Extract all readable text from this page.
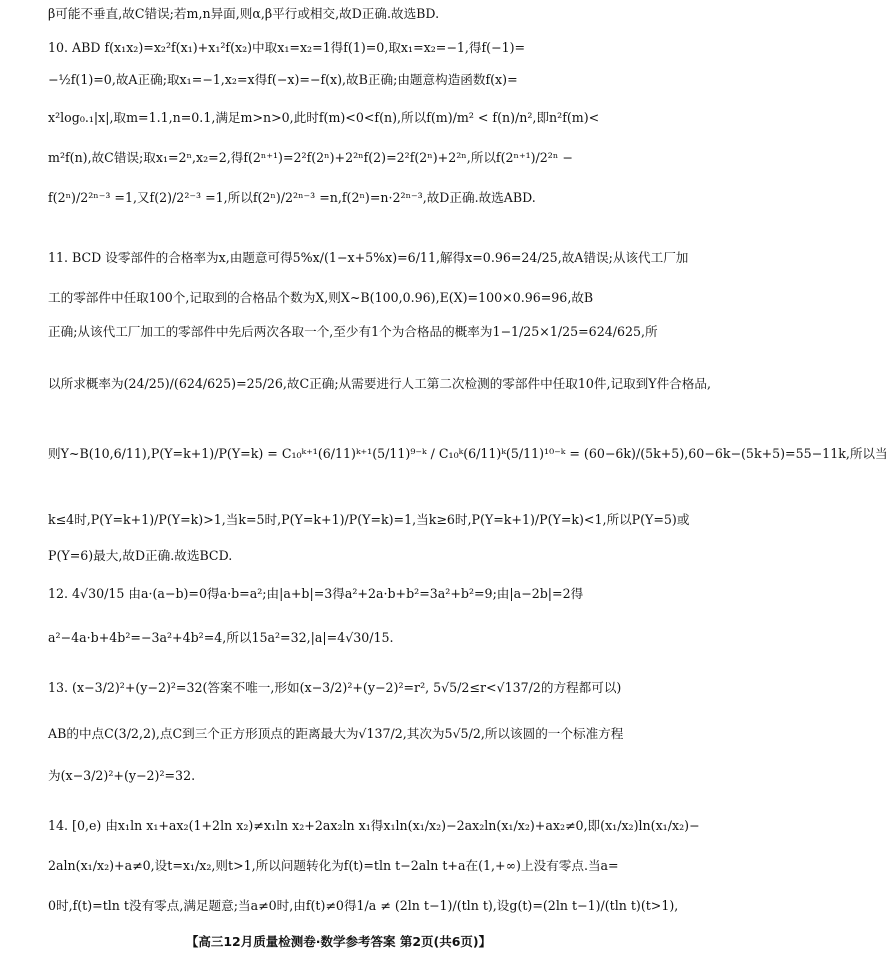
β可能不垂直,故C错误;若m,n异面,则α,β平行或相交,故D正确.故选BD.
10. ABD f(x₁x₂)=x₂²f(x₁)+x₁²f(x₂)中取x₁=x₂=1得f(1)=0,取x₁=x₂=−1,得f(−1)=
−½f(1)=0,故A正确;取x₁=−1,x₂=x得f(−x)=−f(x),故B正确;由题意构造函数f(x)=
x²log₀.₁|x|,取m=1.1,n=0.1,满足m>n>0,此时f(m)<0<f(n),所以f(m)/m² < f(n)/n²,即n²f(m)<
m²f(n),故C错误;取x₁=2ⁿ,x₂=2,得f(2ⁿ⁺¹)=2²f(2ⁿ)+2²ⁿf(2)=2²f(2ⁿ)+2²ⁿ,所以f(2ⁿ⁺¹)/2²ⁿ −
f(2ⁿ)/2²ⁿ⁻³ =1,又f(2)/2²⁻³ =1,所以f(2ⁿ)/2²ⁿ⁻³ =n,f(2ⁿ)=n·2²ⁿ⁻³,故D正确.故选ABD.
11. BCD 设零部件的合格率为x,由题意可得5%x/(1−x+5%x)=6/11,解得x=0.96=24/25,故A错误;从该代工厂加
工的零部件中任取100个,记取到的合格品个数为X,则X~B(100,0.96),E(X)=100×0.96=96,故B
正确;从该代工厂加工的零部件中先后两次各取一个,至少有1个为合格品的概率为1−1/25×1/25=624/625,所
以所求概率为(24/25)/(624/625)=25/26,故C正确;从需要进行人工第二次检测的零部件中任取10件,记取到Y件合格品,
则Y~B(10,6/11),P(Y=k+1)/P(Y=k) = C₁₀ᵏ⁺¹(6/11)ᵏ⁺¹(5/11)⁹⁻ᵏ / C₁₀ᵏ(6/11)ᵏ(5/11)¹⁰⁻ᵏ = (60−6k)/(5k+5),60−6k−(5k+5)=55−11k,所以当
k≤4时,P(Y=k+1)/P(Y=k)>1,当k=5时,P(Y=k+1)/P(Y=k)=1,当k≥6时,P(Y=k+1)/P(Y=k)<1,所以P(Y=5)或
P(Y=6)最大,故D正确.故选BCD.
12. 4√30/15 由a·(a−b)=0得a·b=a²;由|a+b|=3得a²+2a·b+b²=3a²+b²=9;由|a−2b|=2得
a²−4a·b+4b²=−3a²+4b²=4,所以15a²=32,|a|=4√30/15.
13. (x−3/2)²+(y−2)²=32(答案不唯一,形如(x−3/2)²+(y−2)²=r², 5√5/2≤r<√137/2的方程都可以)
AB的中点C(3/2,2),点C到三个正方形顶点的距离最大为√137/2,其次为5√5/2,所以该圆的一个标准方程
为(x−3/2)²+(y−2)²=32.
14. [0,e) 由x₁ln x₁+ax₂(1+2ln x₂)≠x₁ln x₂+2ax₂ln x₁得x₁ln(x₁/x₂)−2ax₂ln(x₁/x₂)+ax₂≠0,即(x₁/x₂)ln(x₁/x₂)−
2aln(x₁/x₂)+a≠0,设t=x₁/x₂,则t>1,所以问题转化为f(t)=tln t−2aln t+a在(1,+∞)上没有零点.当a=
0时,f(t)=tln t没有零点,满足题意;当a≠0时,由f(t)≠0得1/a ≠ (2ln t−1)/(tln t),设g(t)=(2ln t−1)/(tln t)(t>1),
【高三12月质量检测卷·数学参考答案 第2页(共6页)】
